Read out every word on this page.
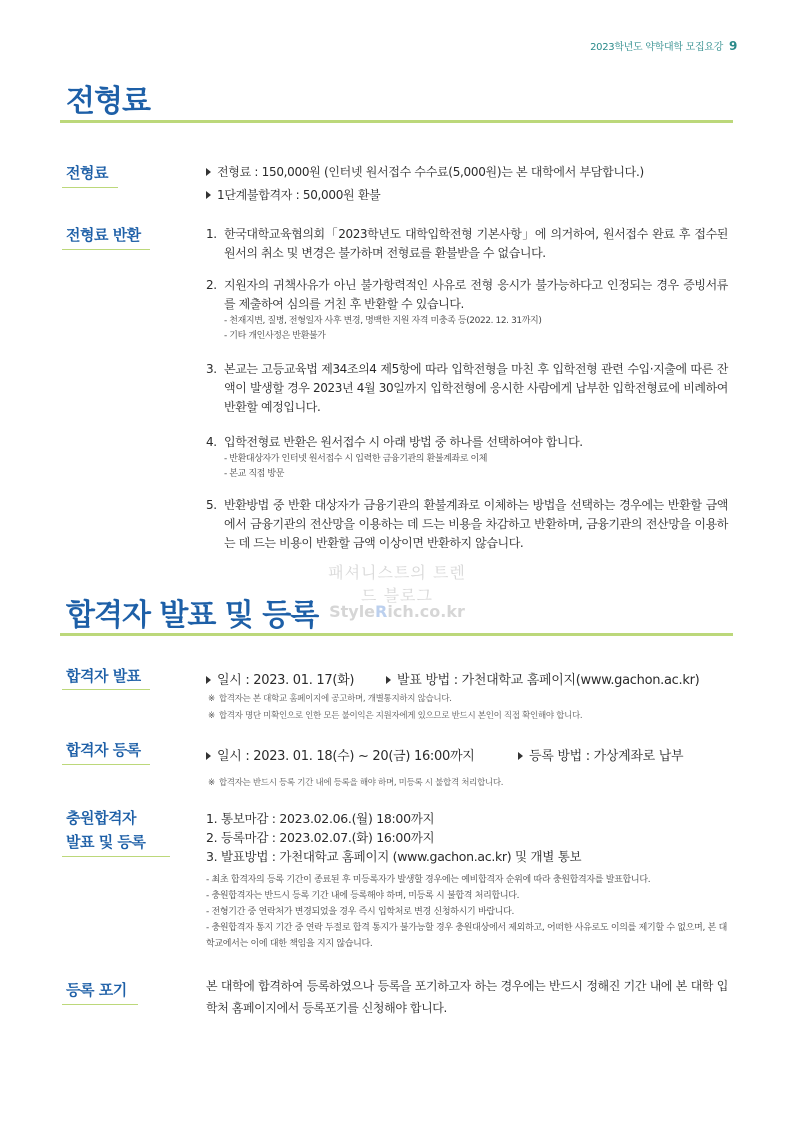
2023학년도 약학대학 모집요강 9
전형료
전형료	전형료 : 150,000원 (인터넷 원서접수 수수료(5,000원)는 본 대학에서 부담합니다.)
1단계불합격자 : 50,000원 환불
전형료 반환	1. 한국대학교육협의회「2023학년도 대학입학전형 기본사항」에 의거하여, 원서접수 완료 후 접수된 원서의 취소 및 변경은 불가하며 전형료를 환불받을 수 없습니다.
2. 지원자의 귀책사유가 아닌 불가항력적인 사유로 전형 응시가 불가능하다고 인정되는 경우 증빙서류를 제출하여 심의를 거친 후 반환할 수 있습니다.
- 천재지변, 질병, 전형일자 사후 변경, 명백한 지원 자격 미충족 등(2022. 12. 31까지)
- 기타 개인사정은 반환불가
3. 본교는 고등교육법 제34조의4 제5항에 따라 입학전형을 마친 후 입학전형 관련 수입·지출에 따른 잔액이 발생할 경우 2023년 4월 30일까지 입학전형에 응시한 사람에게 납부한 입학전형료에 비례하여 반환할 예정입니다.
4. 입학전형료 반환은 원서접수 시 아래 방법 중 하나를 선택하여야 합니다.
- 반환대상자가 인터넷 원서접수 시 입력한 금융기관의 환불계좌로 이체
- 본교 직접 방문
5. 반환방법 중 반환 대상자가 금융기관의 환불계좌로 이체하는 방법을 선택하는 경우에는 반환할 금액에서 금융기관의 전산망을 이용하는 데 드는 비용을 차감하고 반환하며, 금융기관의 전산망을 이용하는 데 드는 비용이 반환할 금액 이상이면 반환하지 않습니다.
패셔니스트의 트렌드 블로그
StyleRich.co.kr
합격자 발표 및 등록
합격자 발표	일시 : 2023. 01. 17(화)	발표 방법 : 가천대학교 홈페이지(www.gachon.ac.kr)
※ 합격자는 본 대학교 홈페이지에 공고하며, 개별통지하지 않습니다.
※ 합격자 명단 미확인으로 인한 모든 불이익은 지원자에게 있으므로 반드시 본인이 직접 확인해야 합니다.
합격자 등록	일시 : 2023. 01. 18(수) ~ 20(금) 16:00까지	등록 방법 : 가상계좌로 납부
※ 합격자는 반드시 등록 기간 내에 등록을 해야 하며, 미등록 시 불합격 처리합니다.
충원합격자
발표 및 등록
1. 통보마감 : 2023.02.06.(월) 18:00까지
2. 등록마감 : 2023.02.07.(화) 16:00까지
3. 발표방법 : 가천대학교 홈페이지 (www.gachon.ac.kr) 및 개별 통보
- 최초 합격자의 등록 기간이 종료된 후 미등록자가 발생할 경우에는 예비합격자 순위에 따라 충원합격자를 발표합니다.
- 충원합격자는 반드시 등록 기간 내에 등록해야 하며, 미등록 시 불합격 처리합니다.
- 전형기간 중 연락처가 변경되었을 경우 즉시 입학처로 변경 신청하시기 바랍니다.
- 충원합격자 통지 기간 중 연락 두절로 합격 통지가 불가능할 경우 충원대상에서 제외하고, 어떠한 사유로도 이의를 제기할 수 없으며, 본 대학교에서는 이에 대한 책임을 지지 않습니다.
등록 포기	본 대학에 합격하여 등록하였으나 등록을 포기하고자 하는 경우에는 반드시 정해진 기간 내에 본 대학 입학처 홈페이지에서 등록포기를 신청해야 합니다.
